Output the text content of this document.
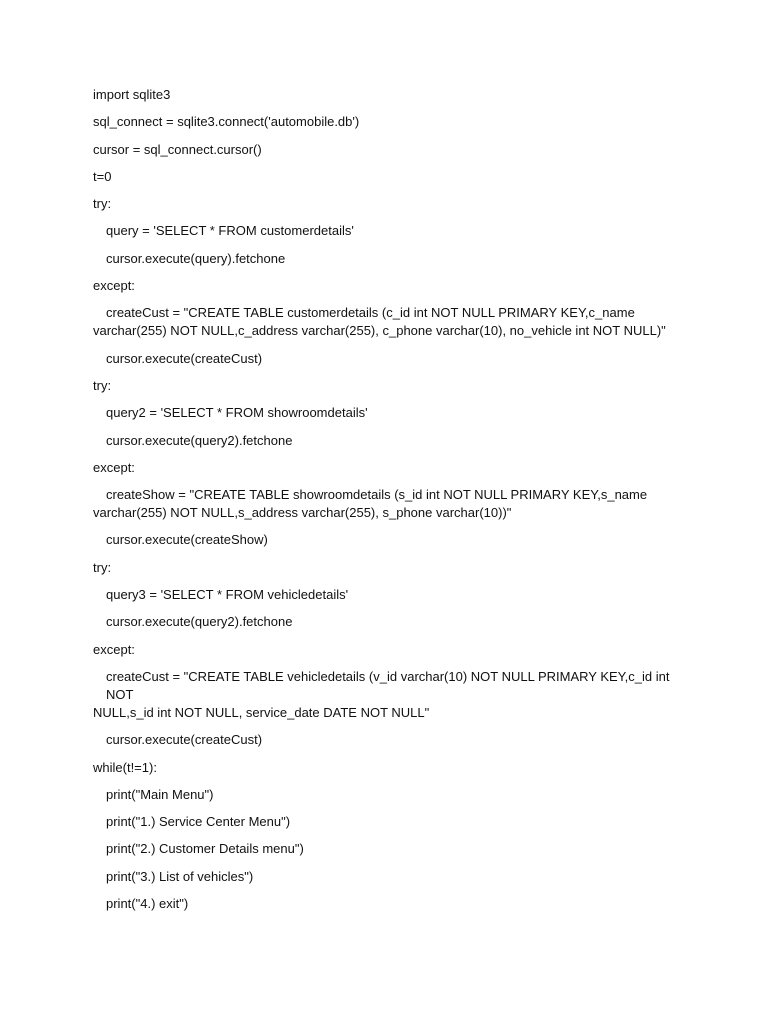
import sqlite3

sql_connect = sqlite3.connect('automobile.db')

cursor = sql_connect.cursor()

t=0

try:

query = 'SELECT * FROM customerdetails'

cursor.execute(query).fetchone

except:

createCust = "CREATE TABLE customerdetails (c_id int NOT NULL PRIMARY KEY,c_name

varchar(255) NOT NULL,c_address varchar(255), c_phone varchar(10), no_vehicle int NOT NULL)"

cursor.execute(createCust)

try:

query2 = 'SELECT * FROM showroomdetails'

cursor.execute(query2).fetchone

except:

createShow = "CREATE TABLE showroomdetails (s_id int NOT NULL PRIMARY KEY,s_name

varchar(255) NOT NULL,s_address varchar(255), s_phone varchar(10))"

cursor.execute(createShow)

try:

query3 = 'SELECT * FROM vehicledetails'

cursor.execute(query2).fetchone

except:

createCust = "CREATE TABLE vehicledetails (v_id varchar(10) NOT NULL PRIMARY KEY,c_id int NOT

NULL,s_id int NOT NULL, service_date DATE NOT NULL"

cursor.execute(createCust)

while(t!=1):

print("Main Menu")

print("1.) Service Center Menu")

print("2.) Customer Details menu")

print("3.) List of vehicles")

print("4.) exit")
